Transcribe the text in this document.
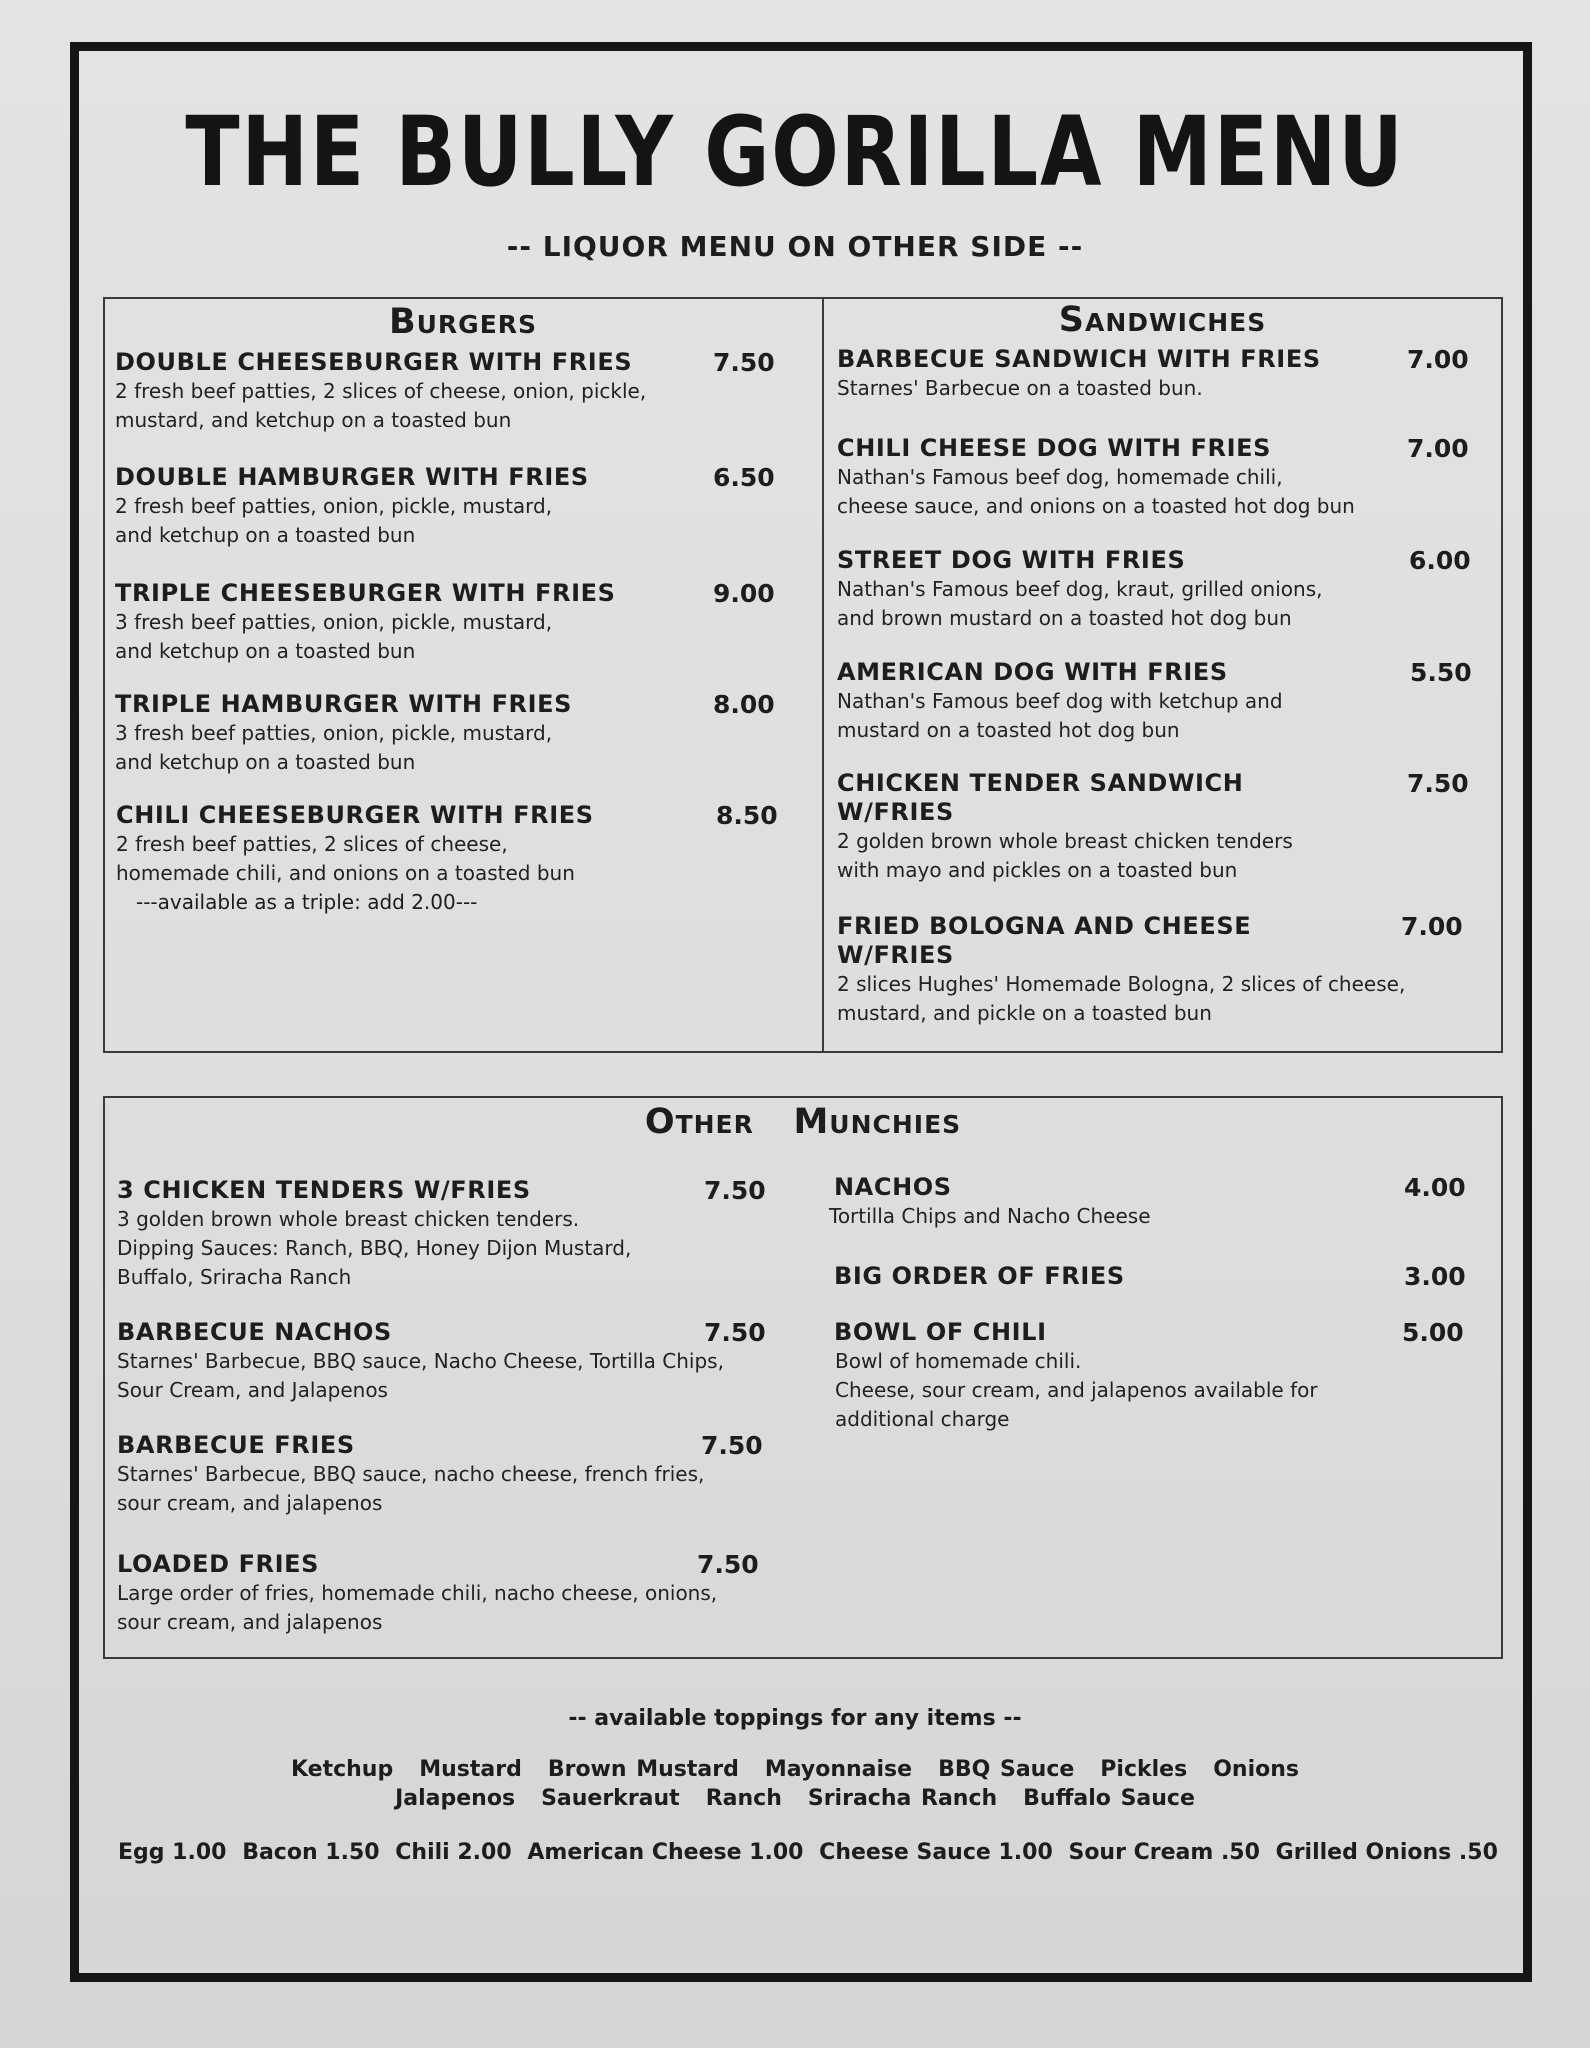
THE BULLY GORILLA MENU
-- LIQUOR MENU ON OTHER SIDE --
Burgers	Sandwiches
DOUBLE CHEESEBURGER WITH FRIES	7.50
2 fresh beef patties, 2 slices of cheese, onion, pickle,
mustard, and ketchup on a toasted bun
DOUBLE HAMBURGER WITH FRIES	6.50
2 fresh beef patties, onion, pickle, mustard,
and ketchup on a toasted bun
TRIPLE CHEESEBURGER WITH FRIES	9.00
3 fresh beef patties, onion, pickle, mustard,
and ketchup on a toasted bun
TRIPLE HAMBURGER WITH FRIES	8.00
3 fresh beef patties, onion, pickle, mustard,
and ketchup on a toasted bun
CHILI CHEESEBURGER WITH FRIES	8.50
2 fresh beef patties, 2 slices of cheese,
homemade chili, and onions on a toasted bun
---available as a triple: add 2.00---
BARBECUE SANDWICH WITH FRIES	7.00
Starnes' Barbecue on a toasted bun.
CHILI CHEESE DOG WITH FRIES	7.00
Nathan's Famous beef dog, homemade chili,
cheese sauce, and onions on a toasted hot dog bun
STREET DOG WITH FRIES	6.00
Nathan's Famous beef dog, kraut, grilled onions,
and brown mustard on a toasted hot dog bun
AMERICAN DOG WITH FRIES	5.50
Nathan's Famous beef dog with ketchup and
mustard on a toasted hot dog bun
CHICKEN TENDER SANDWICH
W/FRIES
7.50
2 golden brown whole breast chicken tenders
with mayo and pickles on a toasted bun
FRIED BOLOGNA AND CHEESE
W/FRIES
7.00
2 slices Hughes' Homemade Bologna, 2 slices of cheese,
mustard, and pickle on a toasted bun
Other   Munchies
3 CHICKEN TENDERS W/FRIES	7.50
3 golden brown whole breast chicken tenders.
Dipping Sauces: Ranch, BBQ, Honey Dijon Mustard,
Buffalo, Sriracha Ranch
BARBECUE NACHOS	7.50
Starnes' Barbecue, BBQ sauce, Nacho Cheese, Tortilla Chips,
Sour Cream, and Jalapenos
BARBECUE FRIES	7.50
Starnes' Barbecue, BBQ sauce, nacho cheese, french fries,
sour cream, and jalapenos
LOADED FRIES	7.50
Large order of fries, homemade chili, nacho cheese, onions,
sour cream, and jalapenos
NACHOS	4.00
Tortilla Chips and Nacho Cheese
BIG ORDER OF FRIES	3.00
BOWL OF CHILI	5.00
Bowl of homemade chili.
Cheese, sour cream, and jalapenos available for
additional charge
-- available toppings for any items --
Ketchup Mustard Brown Mustard Mayonnaise BBQ Sauce Pickles Onions
Jalapenos Sauerkraut Ranch Sriracha Ranch Buffalo Sauce
Egg 1.00 Bacon 1.50 Chili 2.00 American Cheese 1.00 Cheese Sauce 1.00 Sour Cream .50 Grilled Onions .50
